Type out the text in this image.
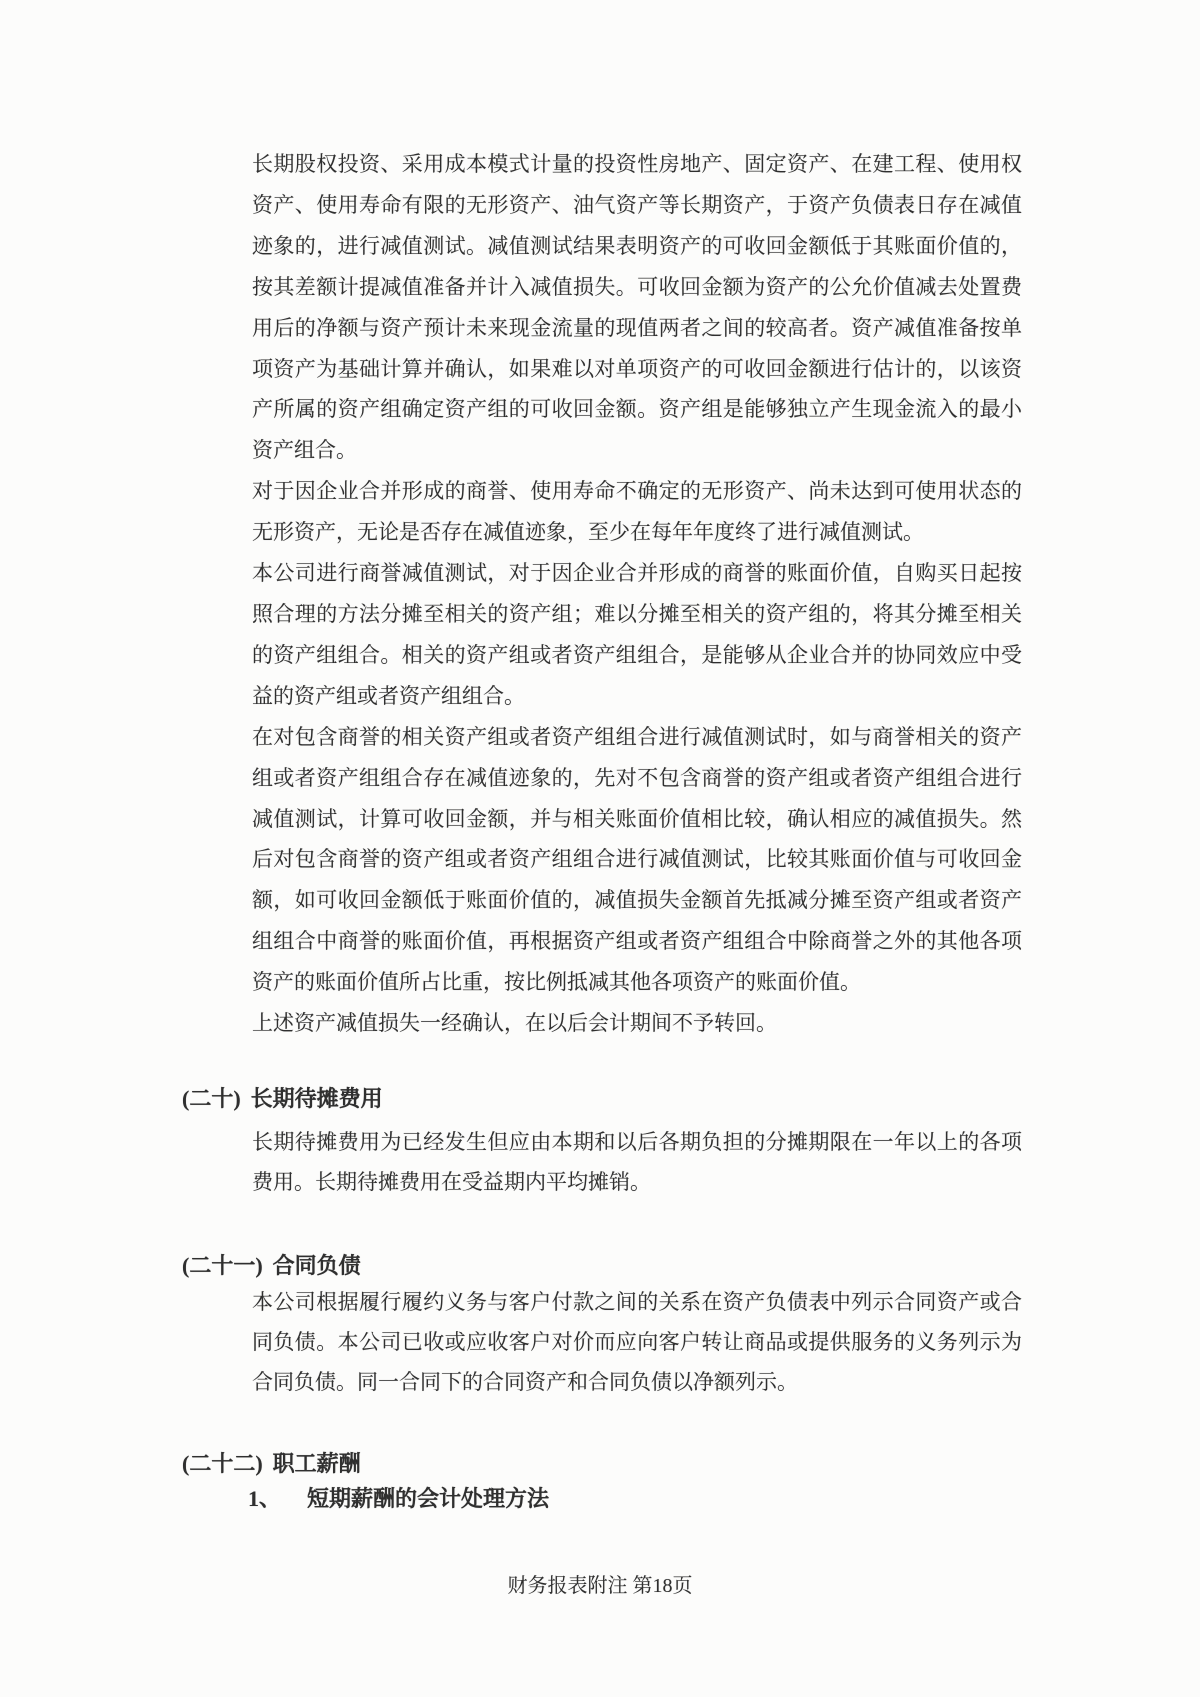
长期股权投资、采用成本模式计量的投资性房地产、固定资产、在建工程、使用权
资产、使用寿命有限的无形资产、油气资产等长期资产，于资产负债表日存在减值
迹象的，进行减值测试。减值测试结果表明资产的可收回金额低于其账面价值的，
按其差额计提减值准备并计入减值损失。可收回金额为资产的公允价值减去处置费
用后的净额与资产预计未来现金流量的现值两者之间的较高者。资产减值准备按单
项资产为基础计算并确认，如果难以对单项资产的可收回金额进行估计的，以该资
产所属的资产组确定资产组的可收回金额。资产组是能够独立产生现金流入的最小
资产组合。
对于因企业合并形成的商誉、使用寿命不确定的无形资产、尚未达到可使用状态的
无形资产，无论是否存在减值迹象，至少在每年年度终了进行减值测试。
本公司进行商誉减值测试，对于因企业合并形成的商誉的账面价值，自购买日起按
照合理的方法分摊至相关的资产组；难以分摊至相关的资产组的，将其分摊至相关
的资产组组合。相关的资产组或者资产组组合，是能够从企业合并的协同效应中受
益的资产组或者资产组组合。
在对包含商誉的相关资产组或者资产组组合进行减值测试时，如与商誉相关的资产
组或者资产组组合存在减值迹象的，先对不包含商誉的资产组或者资产组组合进行
减值测试，计算可收回金额，并与相关账面价值相比较，确认相应的减值损失。然
后对包含商誉的资产组或者资产组组合进行减值测试，比较其账面价值与可收回金
额，如可收回金额低于账面价值的，减值损失金额首先抵减分摊至资产组或者资产
组组合中商誉的账面价值，再根据资产组或者资产组组合中除商誉之外的其他各项
资产的账面价值所占比重，按比例抵减其他各项资产的账面价值。
上述资产减值损失一经确认，在以后会计期间不予转回。
(二十) 长期待摊费用
长期待摊费用为已经发生但应由本期和以后各期负担的分摊期限在一年以上的各项
费用。长期待摊费用在受益期内平均摊销。
(二十一) 合同负债
本公司根据履行履约义务与客户付款之间的关系在资产负债表中列示合同资产或合
同负债。本公司已收或应收客户对价而应向客户转让商品或提供服务的义务列示为
合同负债。同一合同下的合同资产和合同负债以净额列示。
(二十二) 职工薪酬
1、 短期薪酬的会计处理方法
财务报表附注 第18页
